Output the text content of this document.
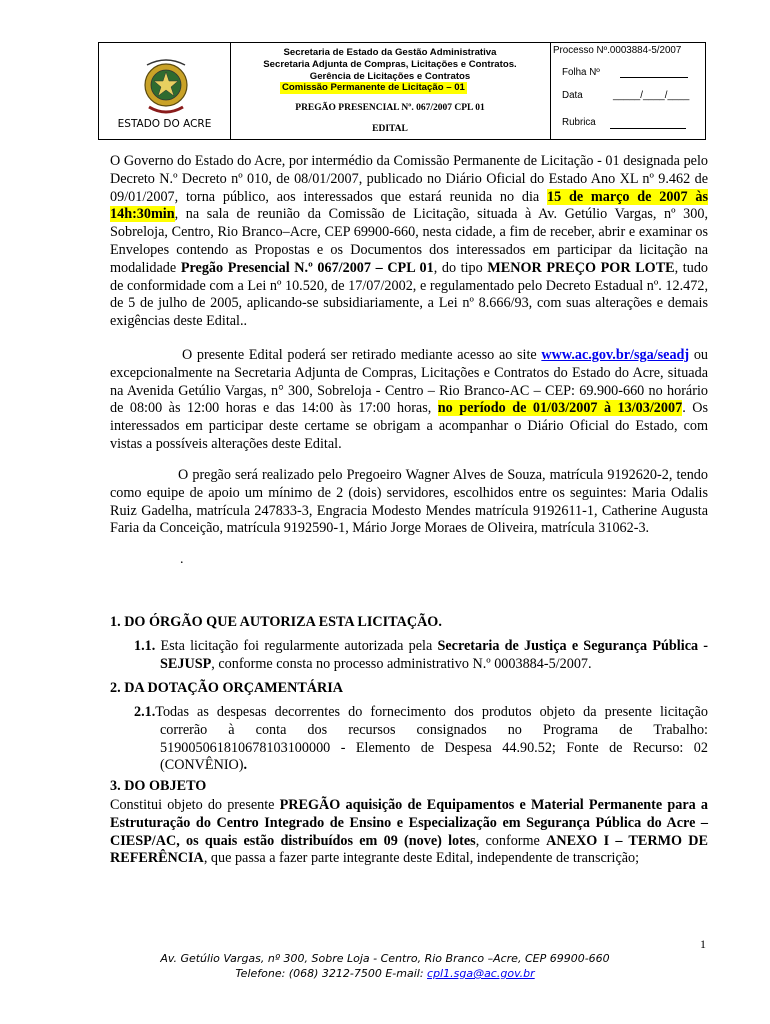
ESTADO DO ACRE
Secretaria de Estado da Gestão Administrativa
Secretaria Adjunta de Compras, Licitações e Contratos.
Gerência de Licitações e Contratos
Comissão Permanente de Licitação – 01
PREGÃO PRESENCIAL Nº. 067/2007 CPL 01
EDITAL
Processo Nº.0003884-5/2007
Folha Nº
Data	_____/____/____
Rubrica

O Governo do Estado do Acre, por intermédio da Comissão Permanente de Licitação - 01 designada pelo Decreto N.º Decreto nº 010, de 08/01/2007, publicado no Diário Oficial do Estado Ano XL nº 9.462 de 09/01/2007, torna público, aos interessados que estará reunida no dia 15 de março de 2007 às 14h:30min, na sala de reunião da Comissão de Licitação, situada à Av. Getúlio Vargas, nº 300, Sobreloja, Centro, Rio Branco–Acre, CEP 69900-660, nesta cidade, a fim de receber, abrir e examinar os Envelopes contendo as Propostas e os Documentos dos interessados em participar da licitação na modalidade Pregão Presencial N.º 067/2007 – CPL 01, do tipo MENOR PREÇO POR LOTE, tudo de conformidade com a Lei nº 10.520, de 17/07/2002, e regulamentado pelo Decreto Estadual nº. 12.472, de 5 de julho de 2005, aplicando-se subsidiariamente, a Lei nº 8.666/93, com suas alterações e demais exigências deste Edital..

O presente Edital poderá ser retirado mediante acesso ao site www.ac.gov.br/sga/seadj ou excepcionalmente na Secretaria Adjunta de Compras, Licitações e Contratos do Estado do Acre, situada na Avenida Getúlio Vargas, n° 300, Sobreloja - Centro – Rio Branco-AC – CEP: 69.900-660 no horário de 08:00 às 12:00 horas e das 14:00 às 17:00 horas, no período de 01/03/2007 à 13/03/2007. Os interessados em participar deste certame se obrigam a acompanhar o Diário Oficial do Estado, com vistas a possíveis alterações deste Edital.

O pregão será realizado pelo Pregoeiro Wagner Alves de Souza, matrícula 9192620-2, tendo como equipe de apoio um mínimo de 2 (dois) servidores, escolhidos entre os seguintes: Maria Odalis Ruiz Gadelha, matrícula 247833-3, Engracia Modesto Mendes matrícula 9192611-1, Catherine Augusta Faria da Conceição, matrícula 9192590-1, Mário Jorge Moraes de Oliveira, matrícula 31062-3.

.
1. DO ÓRGÃO QUE AUTORIZA ESTA LICITAÇÃO.
1.1. Esta licitação foi regularmente autorizada pela Secretaria de Justiça e Segurança Pública - SEJUSP, conforme consta no processo administrativo N.º 0003884-5/2007.
2. DA DOTAÇÃO ORÇAMENTÁRIA
2.1.Todas as despesas decorrentes do fornecimento dos produtos objeto da presente licitação correrão à conta dos recursos consignados no Programa de Trabalho: 519005061810678103100000 - Elemento de Despesa 44.90.52; Fonte de Recurso: 02 (CONVÊNIO).
3. DO OBJETO

Constitui objeto do presente PREGÃO aquisição de Equipamentos e Material Permanente para a Estruturação do Centro Integrado de Ensino e Especialização em Segurança Pública do Acre – CIESP/AC, os quais estão distribuídos em 09 (nove) lotes, conforme ANEXO I – TERMO DE REFERÊNCIA, que passa a fazer parte integrante deste Edital, independente de transcrição;

1
Av. Getúlio Vargas, nº 300, Sobre Loja - Centro, Rio Branco –Acre, CEP 69900-660
Telefone: (068) 3212-7500 E-mail: cpl1.sga@ac.gov.br
